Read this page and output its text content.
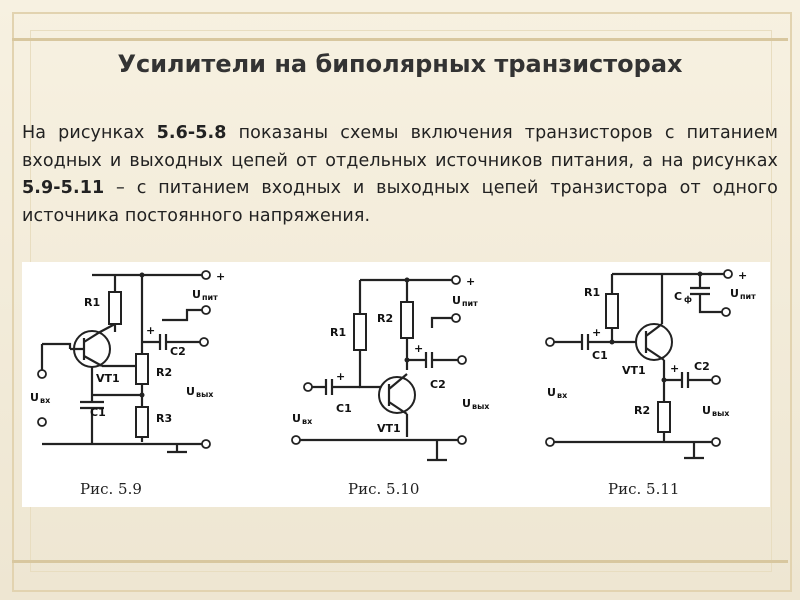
Усилители на биполярных транзисторах
На рисунках 5.6-5.8 показаны схемы включения транзисторов с питанием входных и выходных цепей от отдельных источников питания, а на рисунках 5.9-5.11 – с питанием входных и выходных цепей транзистора от одного источника постоянного напряжения.
+
R1
VT1
U вх
C1
R2
R3
+
C2
U пит
U вых
+
R1
R2
VT1
+
C1
U вх
+
C2
U пит
U вых
+
R1
+
C1
U вх
VT1
C ф	U пит
+ C2
R2	U вых
Рис. 5.9	Рис. 5.10	Рис. 5.11
